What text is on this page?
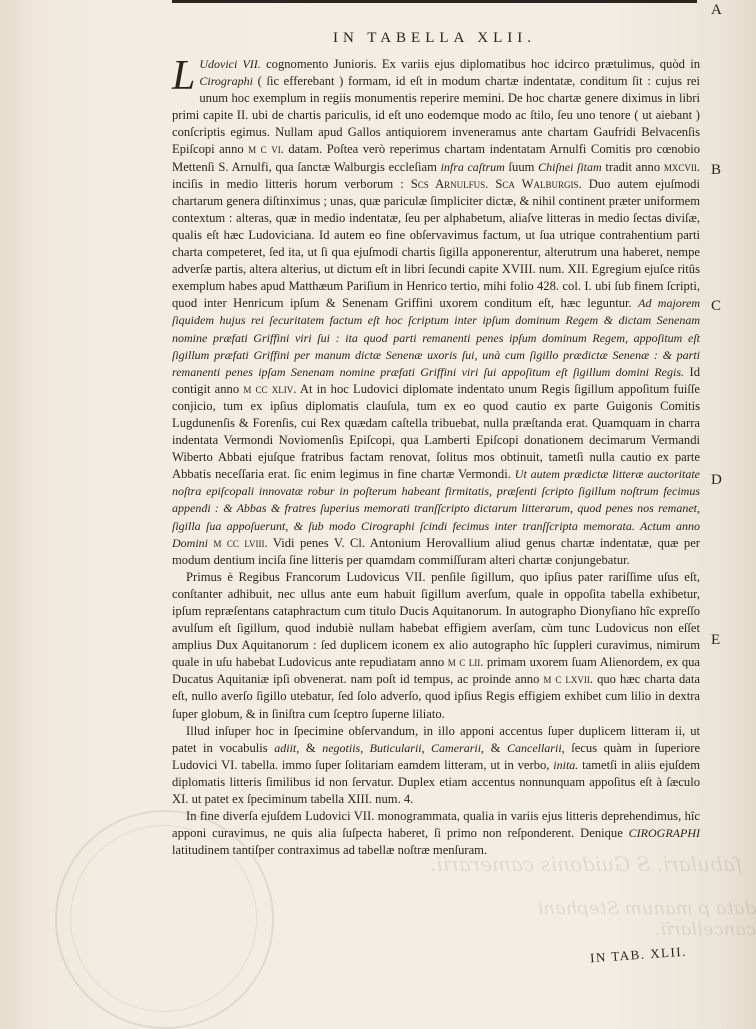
fabulari. S Guidonis camerarii.
data p manum Stephani cancellarii.
IN TABELLA XLII.
A
B
C
D
E

L Udovici VII. cognomento Junioris. Ex variis ejus diplomatibus hoc idcirco prætulimus, quòd in Cirographi ( ſic efferebant ) formam, id eſt in modum chartæ indentatæ, conditum ſit : cujus rei unum hoc exemplum in regiis monumentis reperire memini. De hoc chartæ genere diximus in libri primi capite II. ubi de chartis pariculis, id eſt uno eodemque modo ac ſtilo, ſeu uno tenore ( ut aiebant ) conſcriptis egimus. Nullam apud Gallos antiquiorem inveneramus ante chartam Gaufridi Belvacenſis Epiſcopi anno m c vi. datam. Poſtea verò reperimus chartam indentatam Arnulfi Comitis pro cœnobio Mettenſi S. Arnulfi, qua ſanctæ Walburgis eccleſiam infra caſtrum ſuum Chiſnei ſitam tradit anno mxcvii. inciſis in medio litteris horum verborum : Scs Arnulfus. Sca Walburgis. Duo autem ejuſmodi chartarum genera diſtinximus ; unas, quæ pariculæ ſimpliciter dictæ, & nihil continent præter uniformem contextum : alteras, quæ in medio indentatæ, ſeu per alphabetum, aliaſve litteras in medio ſectas diviſæ, qualis eſt hæc Ludoviciana. Id autem eo fine obſervavimus factum, ut ſua utrique contrahentium parti charta competeret, ſed ita, ut ſi qua ejuſmodi chartis ſigilla apponerentur, alterutrum una haberet, nempe adverſæ partis, altera alterius, ut dictum eſt in libri ſecundi capite XVIII. num. XII. Egregium ejuſce ritûs exemplum habes apud Matthæum Pariſium in Henrico tertio, mihi folio 428. col. I. ubi ſub finem ſcripti, quod inter Henricum ipſum & Senenam Griffini uxorem conditum eſt, hæc leguntur. Ad majorem ſiquidem hujus rei ſecuritatem factum eſt hoc ſcriptum inter ipſum dominum Regem & dictam Senenam nomine præfati Griffini viri ſui : ita quod parti remanenti penes ipſum dominum Regem, appoſitum eſt ſigillum præfati Griffini per manum dictæ Senenæ uxoris ſui, unà cum ſigillo prædictæ Senenæ : & parti remanenti penes ipſam Senenam nomine præfati Griffini viri ſui appoſitum eſt ſigillum domini Regis. Id contigit anno m cc xliv. At in hoc Ludovici diplomate indentato unum Regis ſigillum appoſitum fuiſſe conjicio, tum ex ipſius diplomatis clauſula, tum ex eo quod cautio ex parte Guigonis Comitis Lugdunenſis & Forenſis, cui Rex quædam caſtella tribuebat, nulla præſtanda erat. Quamquam in charra indentata Vermondi Noviomenſis Epiſcopi, qua Lamberti Epiſcopi donationem decimarum Vermandi Wiberto Abbati ejuſque fratribus factam renovat, ſolitus mos obtinuit, tametſi nulla cautio ex parte Abbatis neceſſaria erat. ſic enim legimus in fine chartæ Vermondi. Ut autem prædictæ litteræ auctoritate noſtra epiſcopali innovatæ robur in poſterum habeant firmitatis, præſenti ſcripto ſigillum noſtrum fecimus appendi : & Abbas & fratres ſuperius memorati tranſſcripto dictarum litterarum, quod penes nos remanet, ſigilla ſua appoſuerunt, & ſub modo Cirographi ſcindi fecimus inter tranſſcripta memorata. Actum anno Domini m cc lviii. Vidi penes V. Cl. Antonium Herovallium aliud genus chartæ indentatæ, quæ per modum dentium inciſa ſine litteris per quamdam commiſſuram alteri chartæ conjungebatur.

Primus è Regibus Francorum Ludovicus VII. penſile ſigillum, quo ipſius pater rariſſime uſus eſt, conſtanter adhibuit, nec ullus ante eum habuit ſigillum averſum, quale in oppoſita tabella exhibetur, ipſum repræſentans cataphractum cum titulo Ducis Aquitanorum. In autographo Dionyſiano hîc expreſſo avulſum eſt ſigillum, quod indubiè nullam habebat effigiem averſam, cùm tunc Ludovicus non eſſet amplius Dux Aquitanorum : ſed duplicem iconem ex alio autographo hîc ſuppleri curavimus, nimirum quale in uſu habebat Ludovicus ante repudiatam anno m c lii. primam uxorem ſuam Alienordem, ex qua Ducatus Aquitaniæ ipſi obvenerat. nam poſt id tempus, ac proinde anno m c lxvii. quo hæc charta data eſt, nullo averſo ſigillo utebatur, ſed ſolo adverſo, quod ipſius Regis effigiem exhibet cum lilio in dextra ſuper globum, & in ſiniſtra cum ſceptro ſuperne liliato.

Illud inſuper hoc in ſpecimine obſervandum, in illo apponi accentus ſuper duplicem litteram ii, ut patet in vocabulis adiit, & negotiis, Buticularii, Camerarii, & Cancellarii, ſecus quàm in ſuperiore Ludovici VI. tabella. immo ſuper ſolitariam eamdem litteram, ut in verbo, inita. tametſi in aliis ejuſdem diplomatis litteris ſimilibus id non ſervatur. Duplex etiam accentus nonnunquam appoſitus eſt à ſæculo XI. ut patet ex ſpeciminum tabella XIII. num. 4.

In fine diverſa ejuſdem Ludovici VII. monogrammata, qualia in variis ejus litteris deprehendimus, hîc apponi curavimus, ne quis alia ſuſpecta haberet, ſi primo non reſponderent. Denique CIROGRAPHI latitudinem tantiſper contraximus ad tabellæ noſtræ menſuram.

IN TAB. XLII.
